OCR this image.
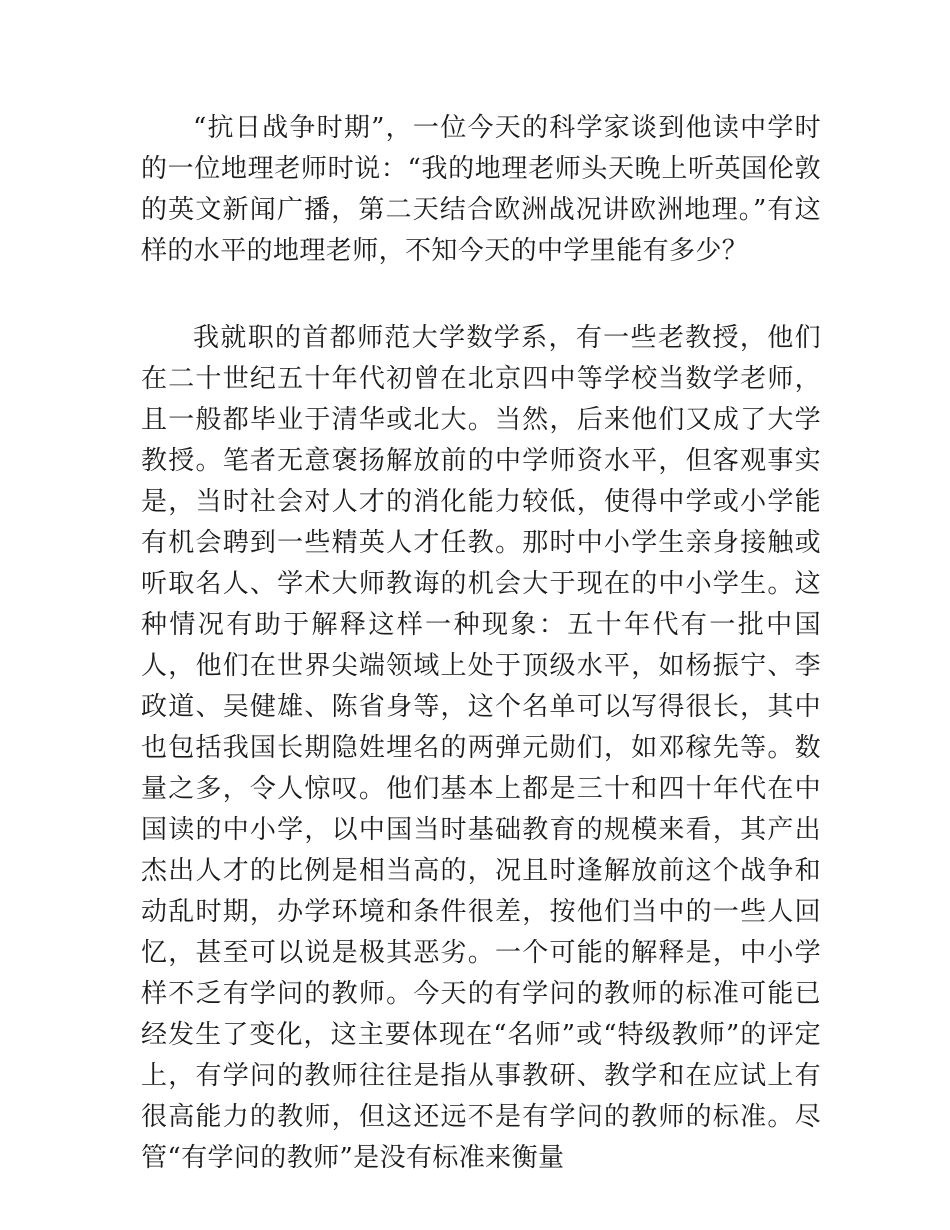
“抗日战争时期”，一位今天的科学家谈到他读中学时的一位地理老师时说：“我的地理老师头天晚上听英国伦敦的英文新闻广播，第二天结合欧洲战况讲欧洲地理。”有这样的水平的地理老师，不知今天的中学里能有多少？

我就职的首都师范大学数学系，有一些老教授，他们在二十世纪五十年代初曾在北京四中等学校当数学老师，且一般都毕业于清华或北大。当然，后来他们又成了大学教授。笔者无意褒扬解放前的中学师资水平，但客观事实是，当时社会对人才的消化能力较低，使得中学或小学能有机会聘到一些精英人才任教。那时中小学生亲身接触或听取名人、学术大师教诲的机会大于现在的中小学生。这种情况有助于解释这样一种现象：五十年代有一批中国人，他们在世界尖端领域上处于顶级水平，如杨振宁、李政道、吴健雄、陈省身等，这个名单可以写得很长，其中也包括我国长期隐姓埋名的两弹元勋们，如邓稼先等。数量之多，令人惊叹。他们基本上都是三十和四十年代在中国读的中小学，以中国当时基础教育的规模来看，其产出杰出人才的比例是相当高的，况且时逢解放前这个战争和动乱时期，办学环境和条件很差，按他们当中的一些人回忆，甚至可以说是极其恶劣。一个可能的解释是，中小学样不乏有学问的教师。今天的有学问的教师的标准可能已经发生了变化，这主要体现在“名师”或“特级教师”的评定上，有学问的教师往往是指从事教研、教学和在应试上有很高能力的教师，但这还远不是有学问的教师的标准。尽管“有学问的教师”是没有标准来衡量
